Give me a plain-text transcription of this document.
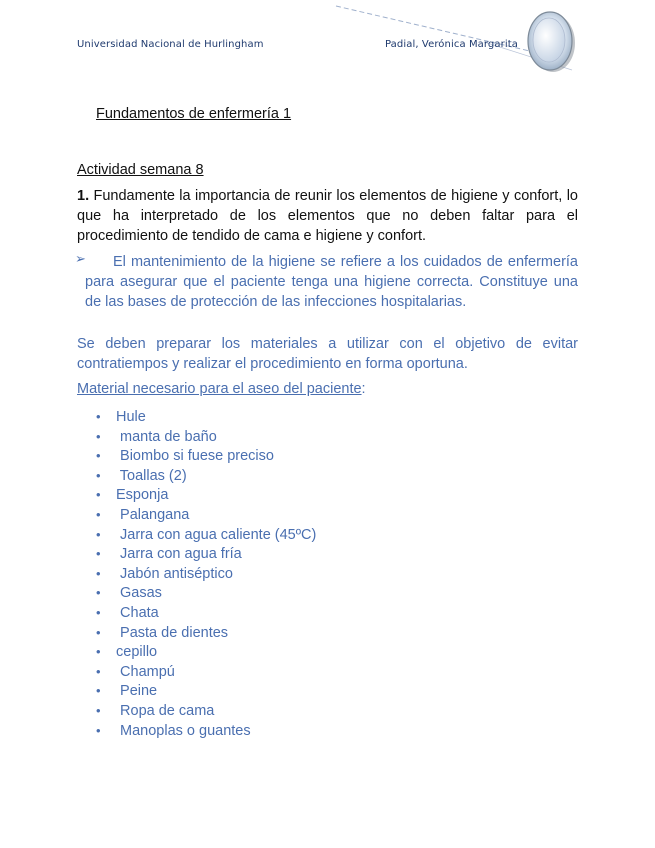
Universidad Nacional de Hurlingham	Padial, Verónica Margarita
Fundamentos de enfermería 1
Actividad semana 8
1. Fundamente la importancia de reunir los elementos de higiene y confort, lo que ha interpretado de los elementos que no deben faltar para el procedimiento de tendido de cama e higiene y confort.
➢	El mantenimiento de la higiene se refiere a los cuidados de enfermería para asegurar que el paciente tenga una higiene correcta. Constituye una de las bases de protección de las infecciones hospitalarias.
Se deben preparar los materiales a utilizar con el objetivo de evitar contratiempos y realizar el procedimiento en forma oportuna.
Material necesario para el aseo del paciente:
• Hule
• manta de baño
• Biombo si fuese preciso
• Toallas (2)
• Esponja
• Palangana
• Jarra con agua caliente (45ºC)
• Jarra con agua fría
• Jabón antiséptico
• Gasas
• Chata
• Pasta de dientes
• cepillo
• Champú
• Peine
• Ropa de cama
• Manoplas o guantes
